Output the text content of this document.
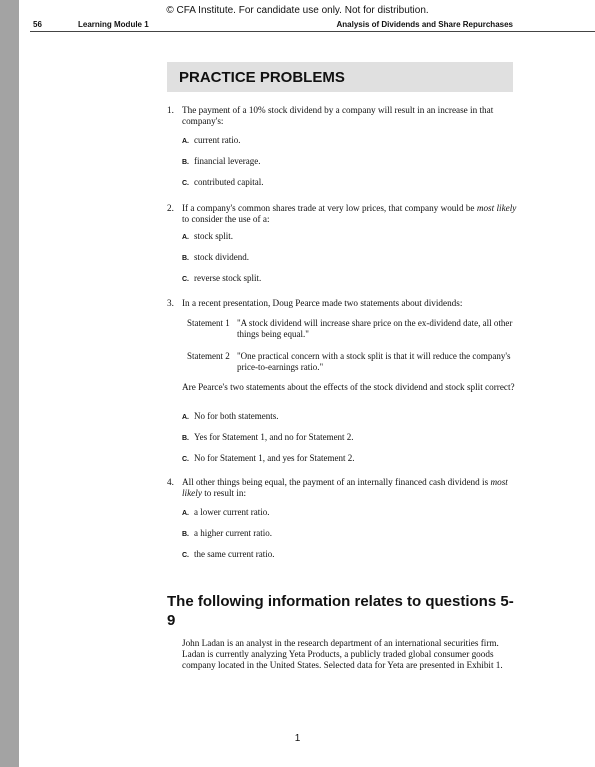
© CFA Institute. For candidate use only. Not for distribution.
56	Learning Module 1	Analysis of Dividends and Share Repurchases
PRACTICE PROBLEMS
1. The payment of a 10% stock dividend by a company will result in an increase in that company's:
A. current ratio.
B. financial leverage.
C. contributed capital.
2. If a company's common shares trade at very low prices, that company would be most likely to consider the use of a:
A. stock split.
B. stock dividend.
C. reverse stock split.
3. In a recent presentation, Doug Pearce made two statements about dividends:
Statement 1 "A stock dividend will increase share price on the ex-dividend date, all other things being equal."
Statement 2 "One practical concern with a stock split is that it will reduce the company's price-to-earnings ratio."
Are Pearce's two statements about the effects of the stock dividend and stock split correct?
A. No for both statements.
B. Yes for Statement 1, and no for Statement 2.
C. No for Statement 1, and yes for Statement 2.
4. All other things being equal, the payment of an internally financed cash dividend is most likely to result in:
A. a lower current ratio.
B. a higher current ratio.
C. the same current ratio.
The following information relates to questions 5-9
John Ladan is an analyst in the research department of an international securities firm. Ladan is currently analyzing Yeta Products, a publicly traded global consumer goods company located in the United States. Selected data for Yeta are presented in Exhibit 1.
1
